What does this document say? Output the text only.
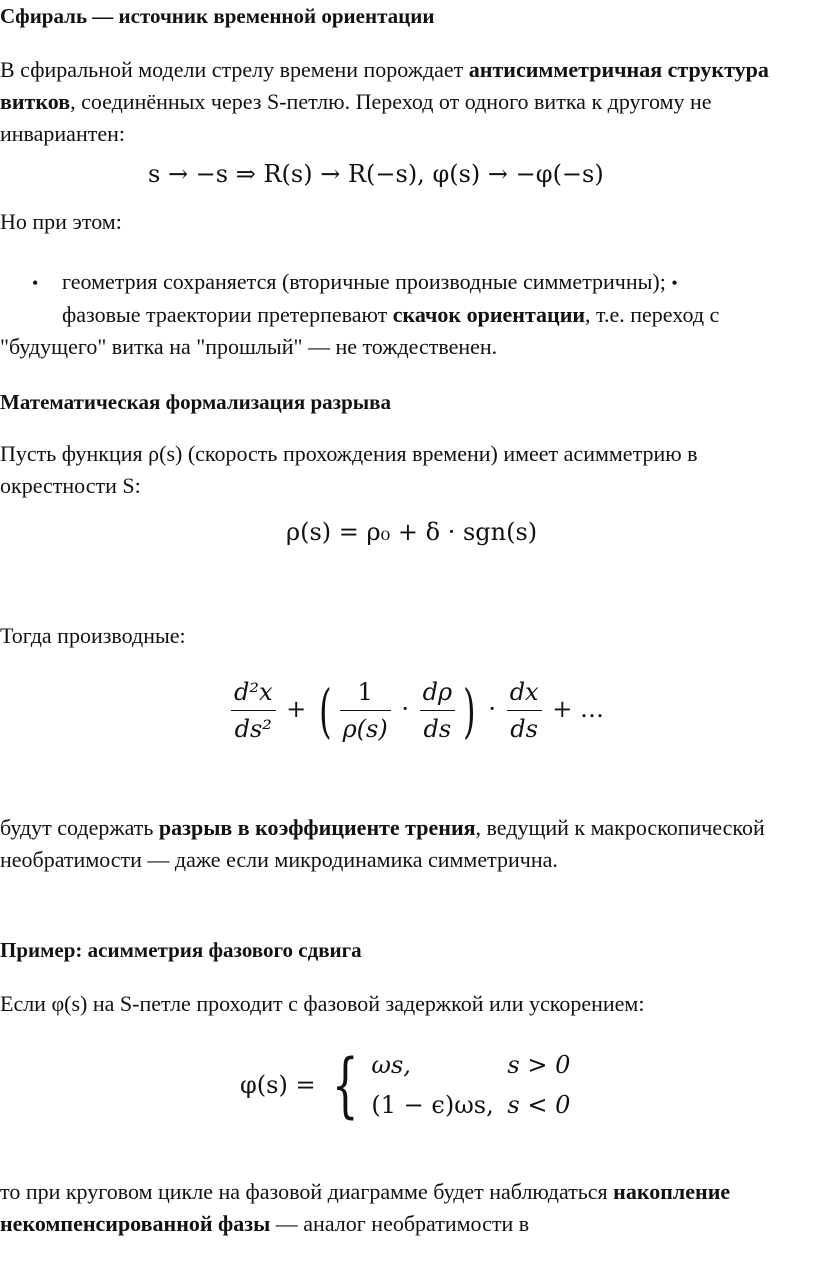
Сфираль — источник временной ориентации
В сфиральной модели стрелу времени порождает антисимметричная структура витков, соединённых через S-петлю. Переход от одного витка к другому не инвариантен:
s → −s ⇒ R(s) → R(−s), φ(s) → −φ(−s)
Но при этом:
• геометрия сохраняется (вторичные производные симметричны); •
фазовые траектории претерпевают скачок ориентации, т.е. переход с "будущего" витка на "прошлый" — не тождественен.
Математическая формализация разрыва
Пусть функция ρ(s) (скорость прохождения времени) имеет асимметрию в окрестности S:
ρ(s) = ρ₀ + δ · sgn(s)
Тогда производные:
$\frac{\text{d²x}}{\text{ds²}}$ + ( $\frac{1}{\rho(s)} \cdot \frac{d\rho}{ds}$ ) · $\frac{dx}{ds}$ + …
будут содержать разрыв в коэффициенте трения, ведущий к макроскопической необратимости — даже если микродинамика симметрична.
Пример: асимметрия фазового сдвига
Если φ(s) на S-петле проходит с фазовой задержкой или ускорением:
φ(s) = { ωs,	s > 0
(1 − ϵ)ωs, s < 0
то при круговом цикле на фазовой диаграмме будет наблюдаться накопление некомпенсированной фазы — аналог необратимости в
